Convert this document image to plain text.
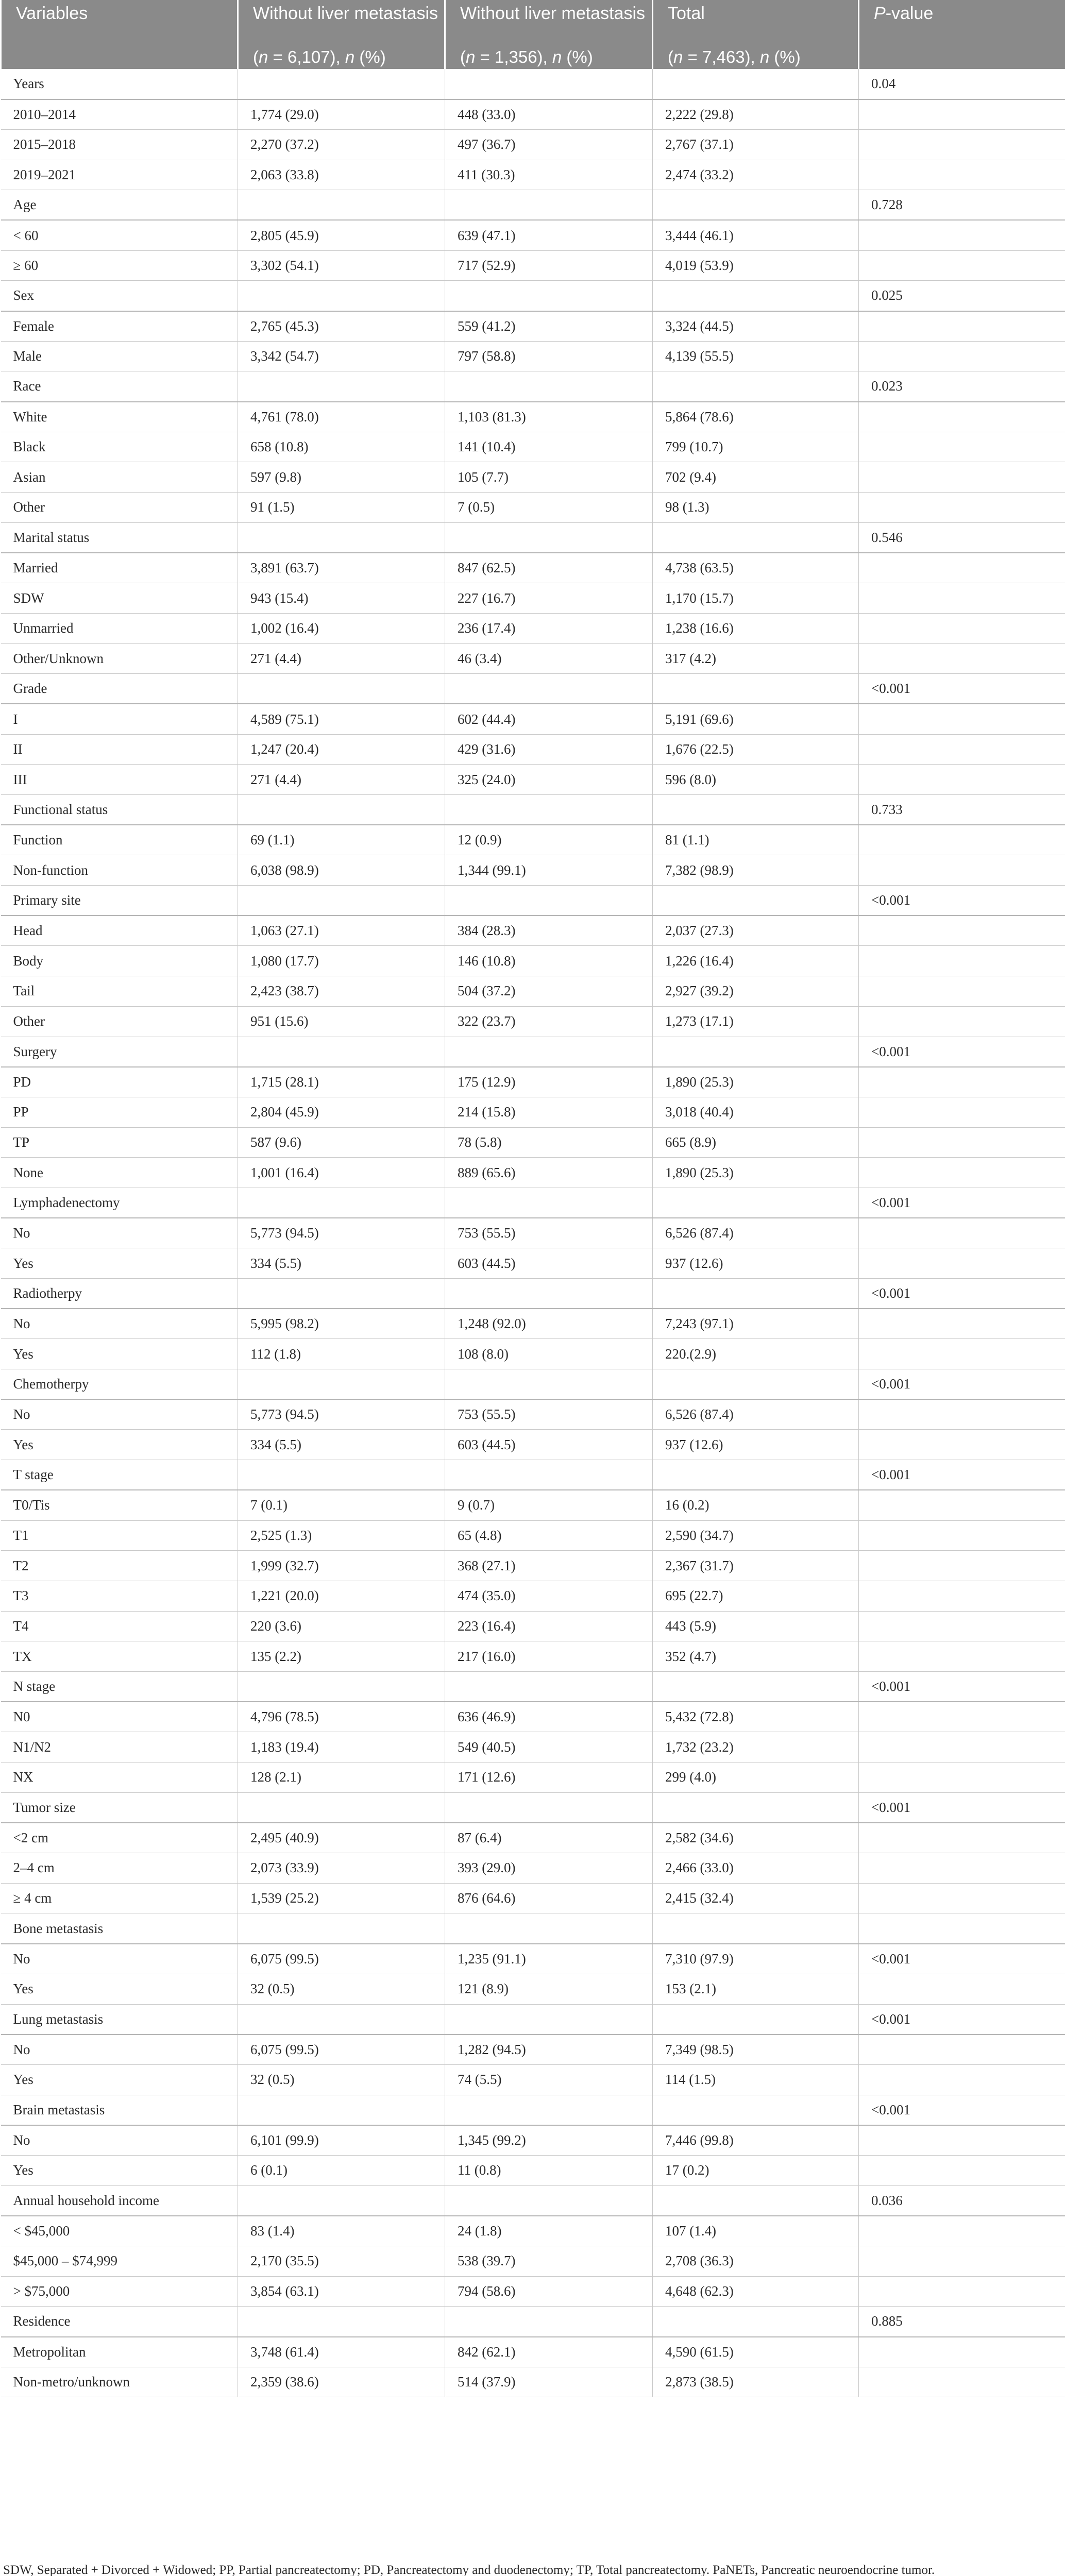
Variables	Without liver metastasis	Without liver metastasis	Total	P-value
	(n = 6,107), n (%)	(n = 1,356), n (%)	(n = 7,463), n (%)	
Years				0.04
2010–2014	1,774 (29.0)	448 (33.0)	2,222 (29.8)	
2015–2018	2,270 (37.2)	497 (36.7)	2,767 (37.1)	
2019–2021	2,063 (33.8)	411 (30.3)	2,474 (33.2)	
Age				0.728
< 60	2,805 (45.9)	639 (47.1)	3,444 (46.1)	
≥ 60	3,302 (54.1)	717 (52.9)	4,019 (53.9)	
Sex				0.025
Female	2,765 (45.3)	559 (41.2)	3,324 (44.5)	
Male	3,342 (54.7)	797 (58.8)	4,139 (55.5)	
Race				0.023
White	4,761 (78.0)	1,103 (81.3)	5,864 (78.6)	
Black	658 (10.8)	141 (10.4)	799 (10.7)	
Asian	597 (9.8)	105 (7.7)	702 (9.4)	
Other	91 (1.5)	7 (0.5)	98 (1.3)	
Marital status				0.546
Married	3,891 (63.7)	847 (62.5)	4,738 (63.5)	
SDW	943 (15.4)	227 (16.7)	1,170 (15.7)	
Unmarried	1,002 (16.4)	236 (17.4)	1,238 (16.6)	
Other/Unknown	271 (4.4)	46 (3.4)	317 (4.2)	
Grade				<0.001
I	4,589 (75.1)	602 (44.4)	5,191 (69.6)	
II	1,247 (20.4)	429 (31.6)	1,676 (22.5)	
III	271 (4.4)	325 (24.0)	596 (8.0)	
Functional status				0.733
Function	69 (1.1)	12 (0.9)	81 (1.1)	
Non-function	6,038 (98.9)	1,344 (99.1)	7,382 (98.9)	
Primary site				<0.001
Head	1,063 (27.1)	384 (28.3)	2,037 (27.3)	
Body	1,080 (17.7)	146 (10.8)	1,226 (16.4)	
Tail	2,423 (38.7)	504 (37.2)	2,927 (39.2)	
Other	951 (15.6)	322 (23.7)	1,273 (17.1)	
Surgery				<0.001
PD	1,715 (28.1)	175 (12.9)	1,890 (25.3)	
PP	2,804 (45.9)	214 (15.8)	3,018 (40.4)	
TP	587 (9.6)	78 (5.8)	665 (8.9)	
None	1,001 (16.4)	889 (65.6)	1,890 (25.3)	
Lymphadenectomy				<0.001
No	5,773 (94.5)	753 (55.5)	6,526 (87.4)	
Yes	334 (5.5)	603 (44.5)	937 (12.6)	
Radiotherpy				<0.001
No	5,995 (98.2)	1,248 (92.0)	7,243 (97.1)	
Yes	112 (1.8)	108 (8.0)	220.(2.9)	
Chemotherpy				<0.001
No	5,773 (94.5)	753 (55.5)	6,526 (87.4)	
Yes	334 (5.5)	603 (44.5)	937 (12.6)	
T stage				<0.001
T0/Tis	7 (0.1)	9 (0.7)	16 (0.2)	
T1	2,525 (1.3)	65 (4.8)	2,590 (34.7)	
T2	1,999 (32.7)	368 (27.1)	2,367 (31.7)	
T3	1,221 (20.0)	474 (35.0)	695 (22.7)	
T4	220 (3.6)	223 (16.4)	443 (5.9)	
TX	135 (2.2)	217 (16.0)	352 (4.7)	
N stage				<0.001
N0	4,796 (78.5)	636 (46.9)	5,432 (72.8)	
N1/N2	1,183 (19.4)	549 (40.5)	1,732 (23.2)	
NX	128 (2.1)	171 (12.6)	299 (4.0)	
Tumor size				<0.001
<2 cm	2,495 (40.9)	87 (6.4)	2,582 (34.6)	
2–4 cm	2,073 (33.9)	393 (29.0)	2,466 (33.0)	
≥ 4 cm	1,539 (25.2)	876 (64.6)	2,415 (32.4)	
Bone metastasis				
No	6,075 (99.5)	1,235 (91.1)	7,310 (97.9)	<0.001
Yes	32 (0.5)	121 (8.9)	153 (2.1)	
Lung metastasis				<0.001
No	6,075 (99.5)	1,282 (94.5)	7,349 (98.5)	
Yes	32 (0.5)	74 (5.5)	114 (1.5)	
Brain metastasis				<0.001
No	6,101 (99.9)	1,345 (99.2)	7,446 (99.8)	
Yes	6 (0.1)	11 (0.8)	17 (0.2)	
Annual household income				0.036
< $45,000	83 (1.4)	24 (1.8)	107 (1.4)	
$45,000 – $74,999	2,170 (35.5)	538 (39.7)	2,708 (36.3)	
> $75,000	3,854 (63.1)	794 (58.6)	4,648 (62.3)	
Residence				0.885
Metropolitan	3,748 (61.4)	842 (62.1)	4,590 (61.5)	
Non-metro/unknown	2,359 (38.6)	514 (37.9)	2,873 (38.5)	
SDW, Separated + Divorced + Widowed; PP, Partial pancreatectomy; PD, Pancreatectomy and duodenectomy; TP, Total pancreatectomy. PaNETs, Pancreatic neuroendocrine tumor.
